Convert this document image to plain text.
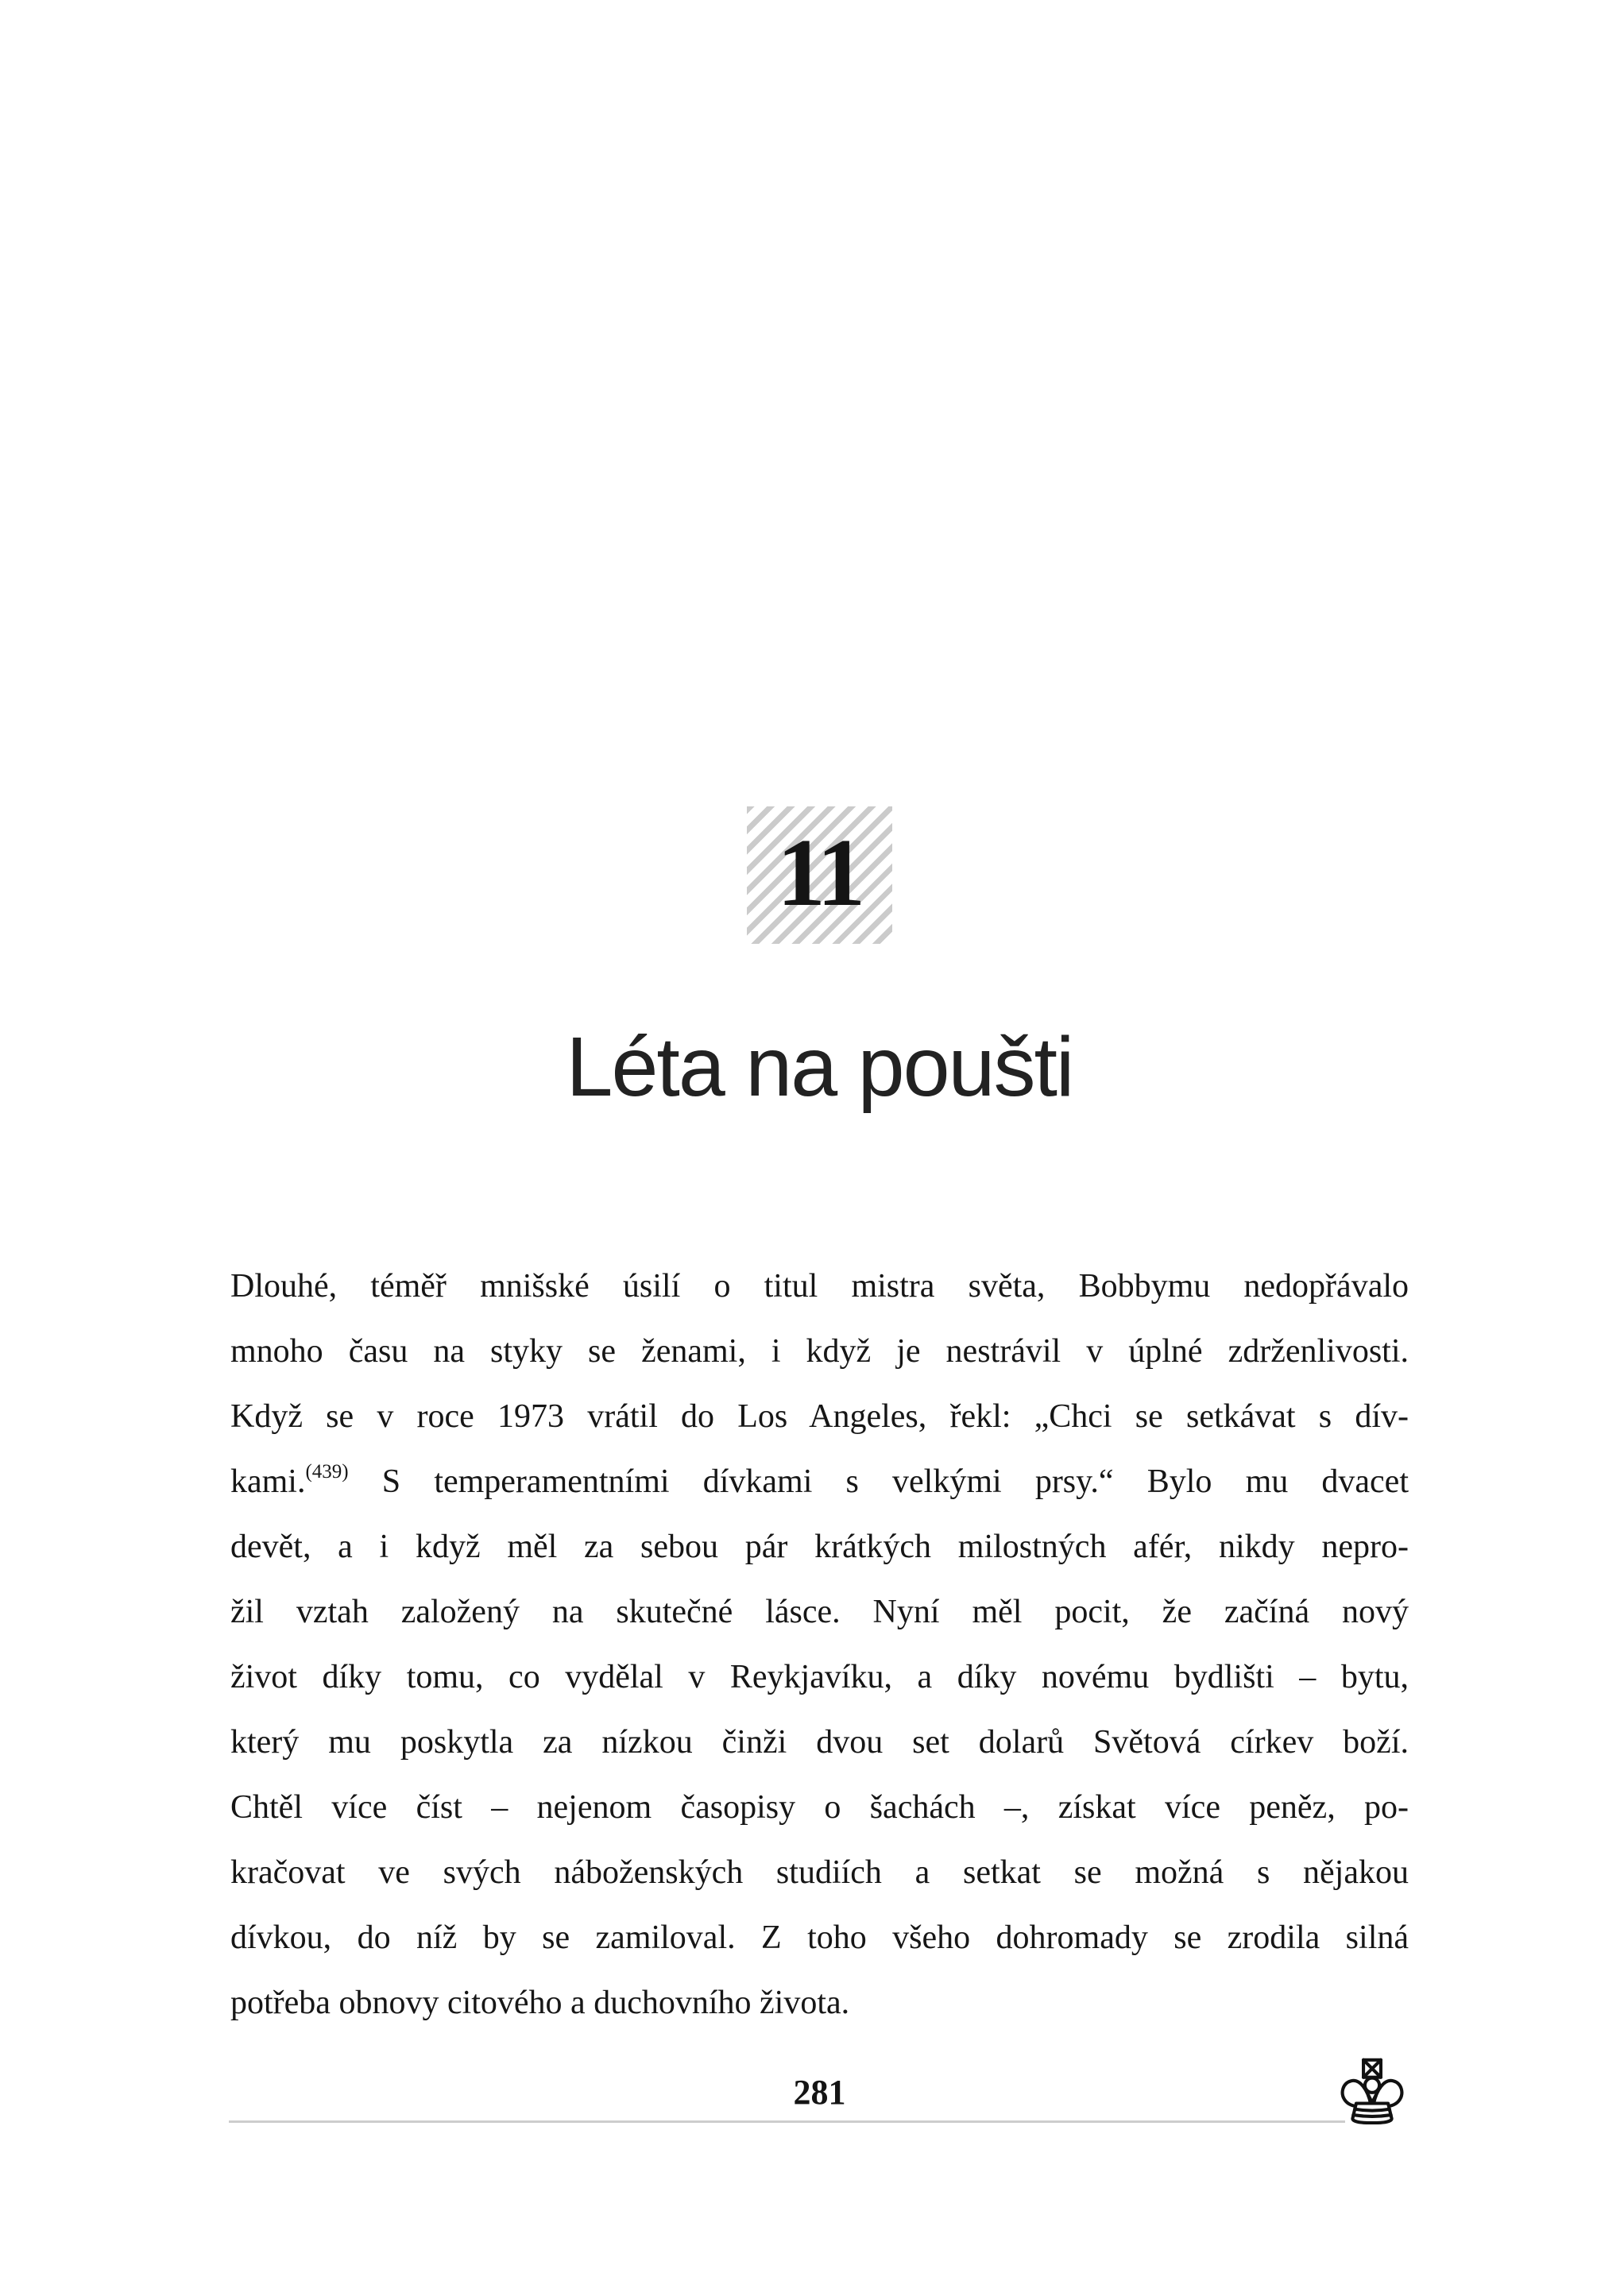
11
Léta na poušti
Dlouhé, téměř mnišské úsilí o titul mistra světa, Bobbymu nedopřávalo
mnoho času na styky se ženami, i když je nestrávil v úplné zdrženlivosti.
Když se v roce 1973 vrátil do Los Angeles, řekl: „Chci se setkávat s dív-
kami.$^{(439)}$ S temperamentními dívkami s velkými prsy.“ Bylo mu dvacet
devět, a i když měl za sebou pár krátkých milostných afér, nikdy nepro-
žil vztah založený na skutečné lásce. Nyní měl pocit, že začíná nový
život díky tomu, co vydělal v Reykjavíku, a díky novému bydlišti – bytu,
který mu poskytla za nízkou činži dvou set dolarů Světová církev boží.
Chtěl více číst – nejenom časopisy o šachách –, získat více peněz, po-
kračovat ve svých náboženských studiích a setkat se možná s nějakou
dívkou, do níž by se zamiloval. Z toho všeho dohromady se zrodila silná
potřeba obnovy citového a duchovního života.
281
